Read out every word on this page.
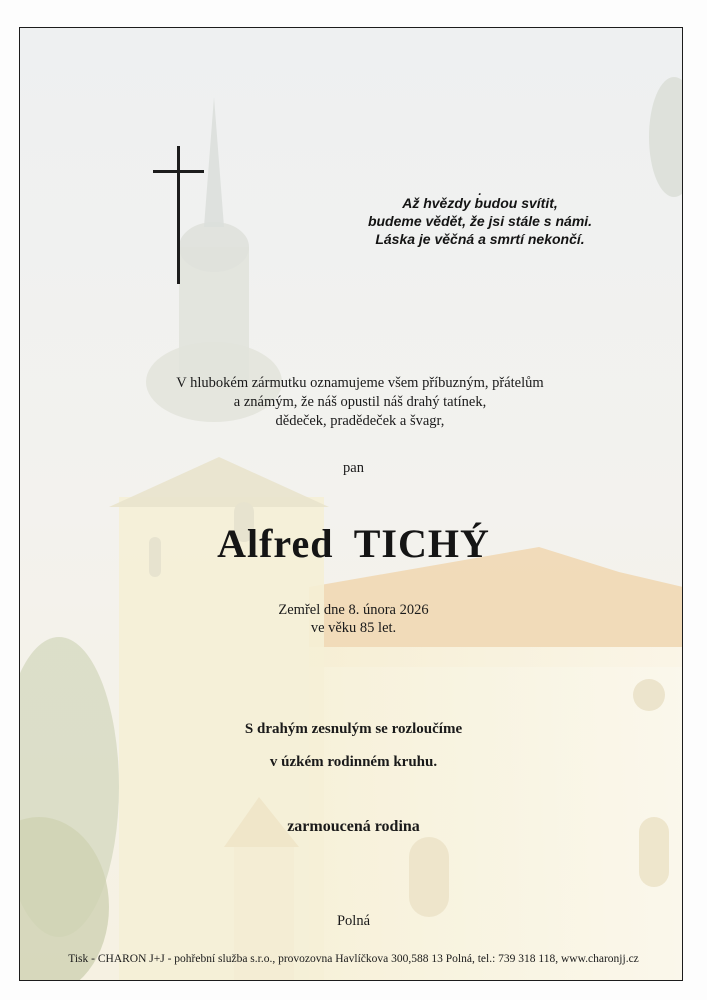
.
Až hvězdy budou svítit,
budeme vědět, že jsi stále s námi.
Láska je věčná a smrtí nekončí.
V hlubokém zármutku oznamujeme všem příbuzným, přátelům
a známým, že náš opustil náš drahý tatínek,
dědeček, pradědeček a švagr,
pan
Alfred TICHÝ
Zemřel dne 8. února 2026
ve věku 85 let.
S drahým zesnulým se rozloučíme
v úzkém rodinném kruhu.
zarmoucená rodina
Polná
Tisk - CHARON J+J - pohřební služba s.r.o., provozovna Havlíčkova 300,588 13 Polná, tel.: 739 318 118, www.charonjj.cz
